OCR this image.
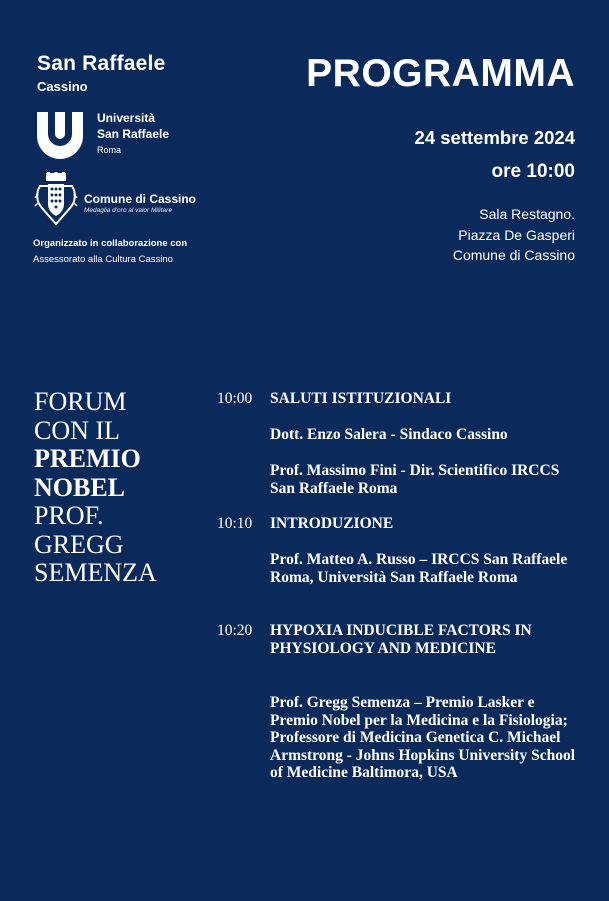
San Raffaele
Cassino
Università
San Raffaele
Roma
Comune di Cassino
Medaglia d'oro al valor Militare
Organizzato in collaborazione con
Assessorato alla Cultura Cassino
PROGRAMMA
24 settembre 2024
ore 10:00
Sala Restagno.
Piazza De Gasperi
Comune di Cassino
FORUM
CON IL
PREMIO
NOBEL
PROF.
GREGG
SEMENZA
10:00 SALUTI ISTITUZIONALI
Dott. Enzo Salera - Sindaco Cassino
Prof. Massimo Fini - Dir. Scientifico IRCCS San Raffaele Roma
10:10 INTRODUZIONE
Prof. Matteo A. Russo – IRCCS San Raffaele Roma, Università San Raffaele Roma
10:20 HYPOXIA INDUCIBLE FACTORS IN PHYSIOLOGY AND MEDICINE
Prof. Gregg Semenza – Premio Lasker e Premio Nobel per la Medicina e la Fisiologia; Professore di Medicina Genetica C. Michael Armstrong - Johns Hopkins University School of Medicine Baltimora, USA
